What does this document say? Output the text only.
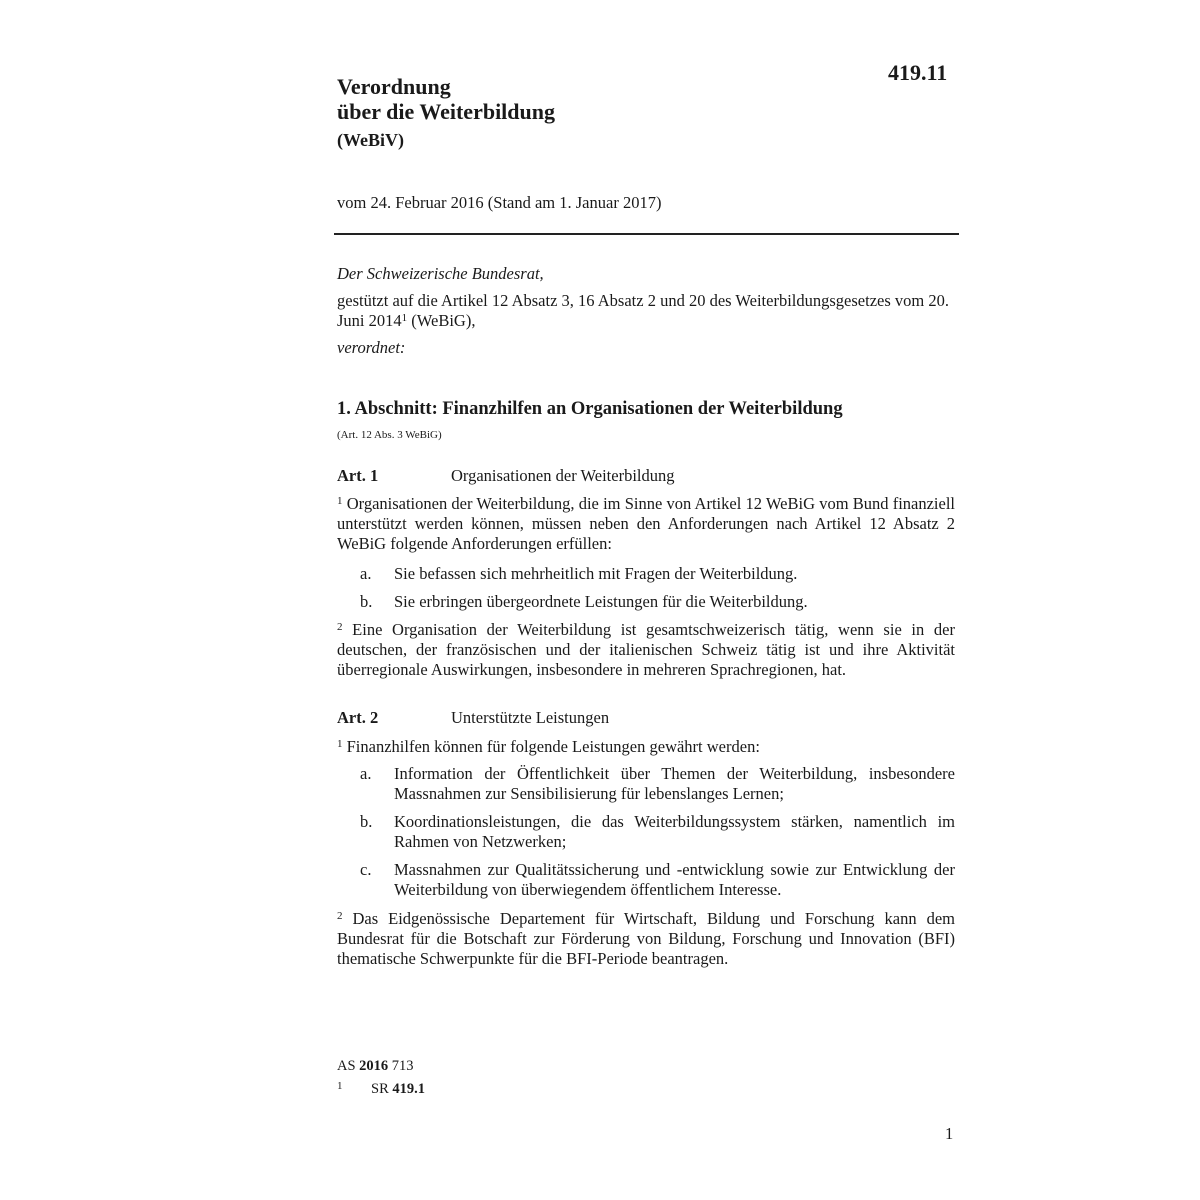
419.11
Verordnung
über die Weiterbildung
(WeBiV)
vom 24. Februar 2016 (Stand am 1. Januar 2017)
Der Schweizerische Bundesrat,
gestützt auf die Artikel 12 Absatz 3, 16 Absatz 2 und 20 des Weiterbildungsgesetzes vom 20. Juni 2014$^1$ (WeBiG),
verordnet:
1. Abschnitt: Finanzhilfen an Organisationen der Weiterbildung
(Art. 12 Abs. 3 WeBiG)
Art. 1	Organisationen der Weiterbildung
$^1$ Organisationen der Weiterbildung, die im Sinne von Artikel 12 WeBiG vom Bund finanziell unterstützt werden können, müssen neben den Anforderungen nach Artikel 12 Absatz 2 WeBiG folgende Anforderungen erfüllen:
a.	Sie befassen sich mehrheitlich mit Fragen der Weiterbildung.
b.	Sie erbringen übergeordnete Leistungen für die Weiterbildung.
$^2$ Eine Organisation der Weiterbildung ist gesamtschweizerisch tätig, wenn sie in der deutschen, der französischen und der italienischen Schweiz tätig ist und ihre Aktivität überregionale Auswirkungen, insbesondere in mehreren Sprachregionen, hat.
Art. 2	Unterstützte Leistungen
$^1$ Finanzhilfen können für folgende Leistungen gewährt werden:
a.	Information der Öffentlichkeit über Themen der Weiterbildung, insbesondere Massnahmen zur Sensibilisierung für lebenslanges Lernen;
b.	Koordinationsleistungen, die das Weiterbildungssystem stärken, namentlich im Rahmen von Netzwerken;
c.	Massnahmen zur Qualitätssicherung und -entwicklung sowie zur Entwicklung der Weiterbildung von überwiegendem öffentlichem Interesse.
$^2$ Das Eidgenössische Departement für Wirtschaft, Bildung und Forschung kann dem Bundesrat für die Botschaft zur Förderung von Bildung, Forschung und Innovation (BFI) thematische Schwerpunkte für die BFI-Periode beantragen.
AS 2016 713
1 SR 419.1
1
